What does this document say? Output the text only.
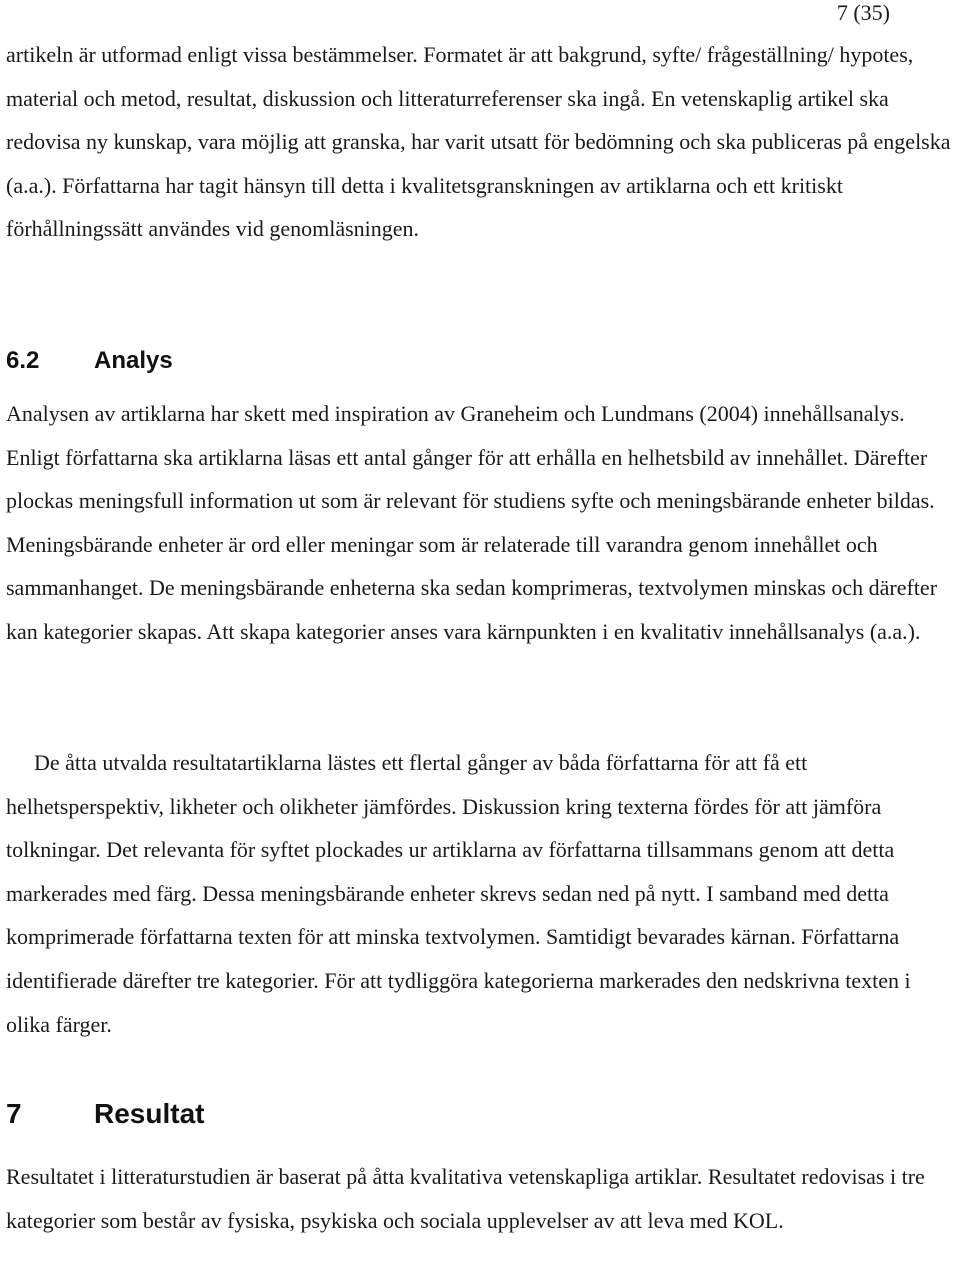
7 (35)

artikeln är utformad enligt vissa bestämmelser. Formatet är att bakgrund, syfte/ frågeställning/ hypotes, material och metod, resultat, diskussion och litteraturreferenser ska ingå. En vetenskaplig artikel ska redovisa ny kunskap, vara möjlig att granska, har varit utsatt för bedömning och ska publiceras på engelska (a.a.). Författarna har tagit hänsyn till detta i kvalitetsgranskningen av artiklarna och ett kritiskt förhållningssätt användes vid genomläsningen.

6.2 Analys

Analysen av artiklarna har skett med inspiration av Graneheim och Lundmans (2004) innehållsanalys. Enligt författarna ska artiklarna läsas ett antal gånger för att erhålla en helhetsbild av innehållet. Därefter plockas meningsfull information ut som är relevant för studiens syfte och meningsbärande enheter bildas. Meningsbärande enheter är ord eller meningar som är relaterade till varandra genom innehållet och sammanhanget. De meningsbärande enheterna ska sedan komprimeras, textvolymen minskas och därefter kan kategorier skapas. Att skapa kategorier anses vara kärnpunkten i en kvalitativ innehållsanalys (a.a.).

De åtta utvalda resultatartiklarna lästes ett flertal gånger av båda författarna för att få ett helhetsperspektiv, likheter och olikheter jämfördes. Diskussion kring texterna fördes för att jämföra tolkningar. Det relevanta för syftet plockades ur artiklarna av författarna tillsammans genom att detta markerades med färg. Dessa meningsbärande enheter skrevs sedan ned på nytt. I samband med detta komprimerade författarna texten för att minska textvolymen. Samtidigt bevarades kärnan. Författarna identifierade därefter tre kategorier. För att tydliggöra kategorierna markerades den nedskrivna texten i olika färger.

7	Resultat

Resultatet i litteraturstudien är baserat på åtta kvalitativa vetenskapliga artiklar. Resultatet redovisas i tre kategorier som består av fysiska, psykiska och sociala upplevelser av att leva med KOL.
